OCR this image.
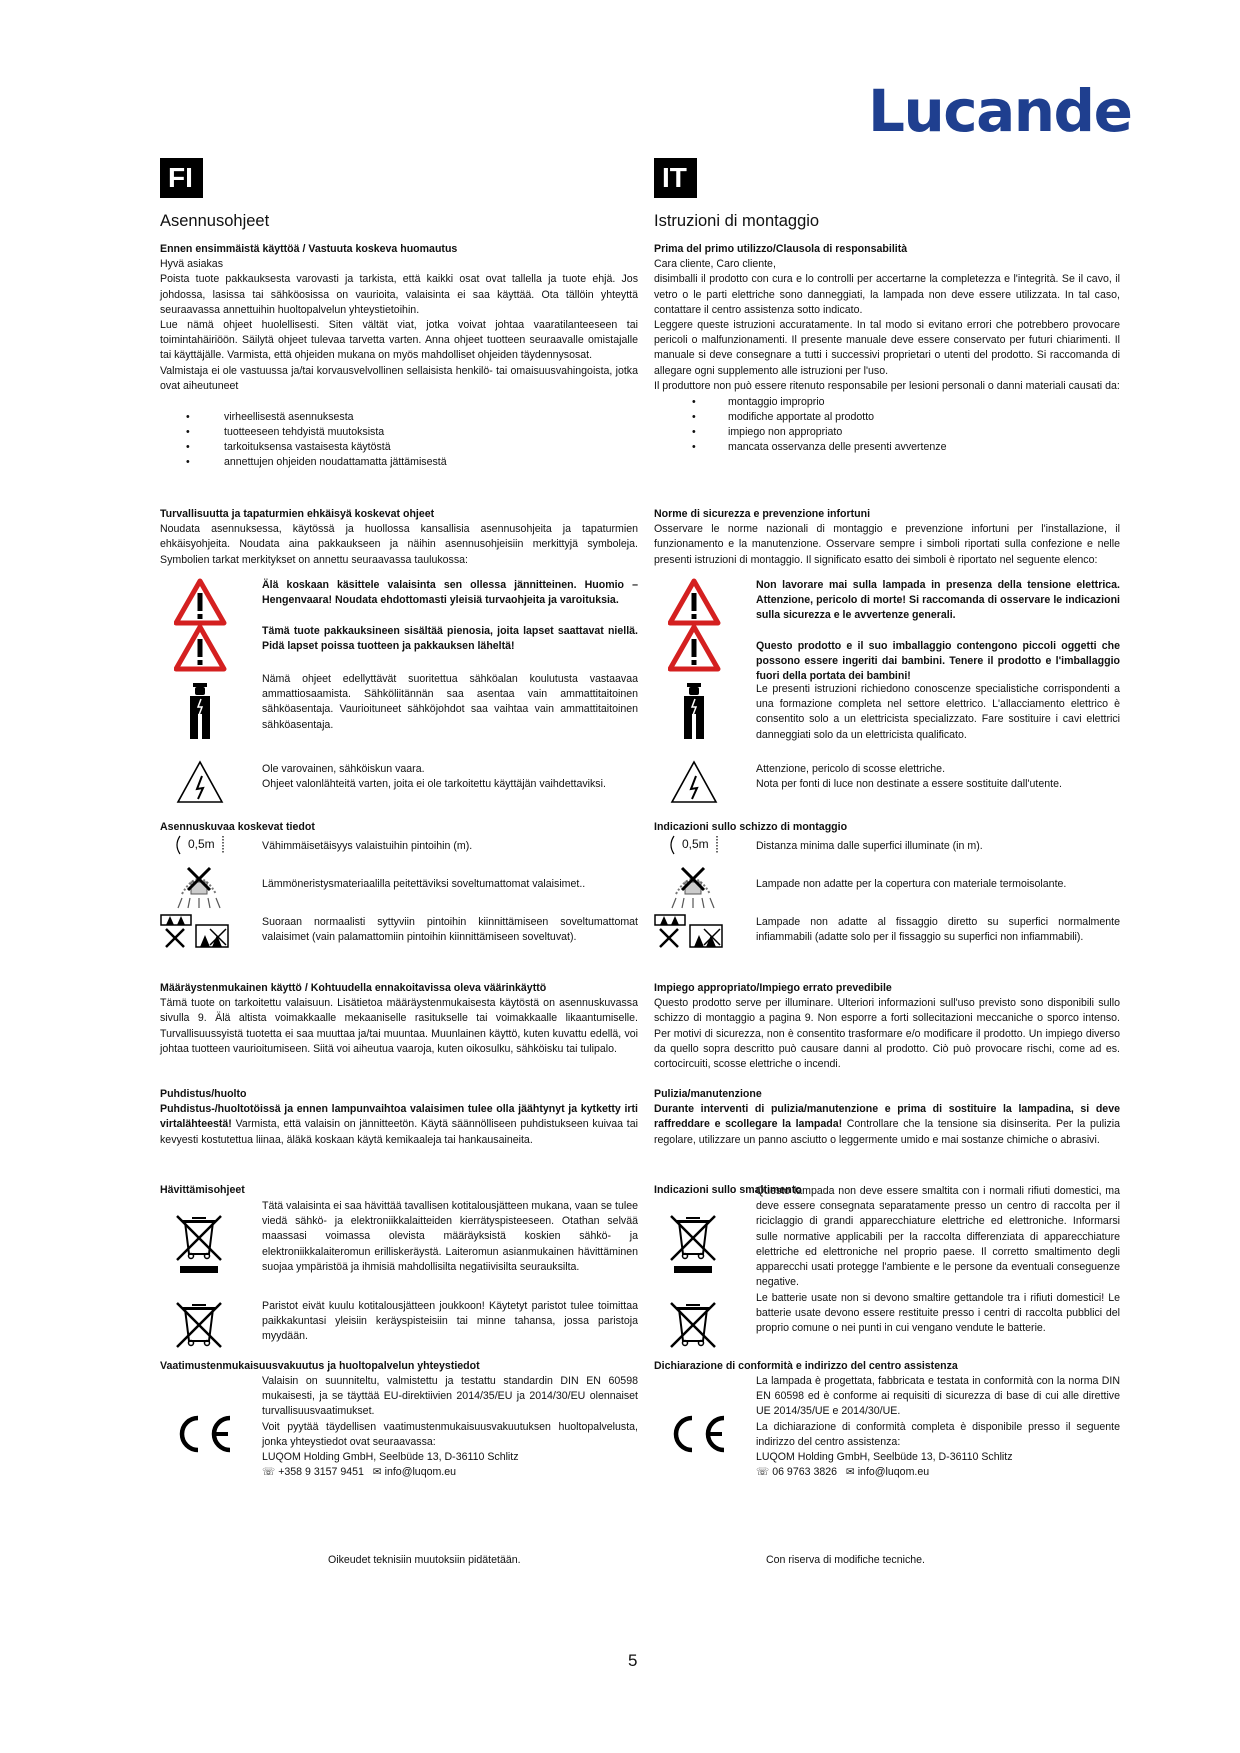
Lucande
FI
Asennusohjeet

Ennen ensimmäistä käyttöä / Vastuuta koskeva huomautus

Hyvä asiakas

Poista tuote pakkauksesta varovasti ja tarkista, että kaikki osat ovat tallella ja tuote ehjä. Jos johdossa, lasissa tai sähköosissa on vaurioita, valaisinta ei saa käyttää. Ota tällöin yhteyttä seuraavassa annettuihin huoltopalvelun yhteystietoihin.

Lue nämä ohjeet huolellisesti. Siten vältät viat, jotka voivat johtaa vaaratilanteeseen tai toimintahäiriöön. Säilytä ohjeet tulevaa tarvetta varten. Anna ohjeet tuotteen seuraavalle omistajalle tai käyttäjälle. Varmista, että ohjeiden mukana on myös mahdolliset ohjeiden täydennysosat.

Valmistaja ei ole vastuussa ja/tai korvausvelvollinen sellaisista henkilö- tai omaisuusvahingoista, jotka ovat aiheutuneet

• virheellisestä asennuksesta
• tuotteeseen tehdyistä muutoksista
• tarkoituksensa vastaisesta käytöstä
• annettujen ohjeiden noudattamatta jättämisestä

Turvallisuutta ja tapaturmien ehkäisyä koskevat ohjeet

Noudata asennuksessa, käytössä ja huollossa kansallisia asennusohjeita ja tapaturmien ehkäisyohjeita. Noudata aina pakkaukseen ja näihin asennusohjeisiin merkittyjä symboleja. Symbolien tarkat merkitykset on annettu seuraavassa taulukossa:

Älä koskaan käsittele valaisinta sen ollessa jännitteinen. Huomio – Hengenvaara! Noudata ehdottomasti yleisiä turvaohjeita ja varoituksia.

Tämä tuote pakkauksineen sisältää pienosia, joita lapset saattavat niellä. Pidä lapset poissa tuotteen ja pakkauksen läheltä!

Nämä ohjeet edellyttävät suoritettua sähköalan koulutusta vastaavaa ammattiosaamista. Sähköliitännän saa asentaa vain ammattitaitoinen sähköasentaja. Vaurioituneet sähköjohdot saa vaihtaa vain ammattitaitoinen sähköasentaja.

Ole varovainen, sähköiskun vaara.

Ohjeet valonlähteitä varten, joita ei ole tarkoitettu käyttäjän vaihdettaviksi.

Asennuskuvaa koskevat tiedot

0,5m	Vähimmäisetäisyys valaistuihin pintoihin (m).

Lämmöneristysmateriaalilla peitettäviksi soveltumattomat valaisimet..

Suoraan normaalisti syttyviin pintoihin kiinnittämiseen soveltumattomat valaisimet (vain palamattomiin pintoihin kiinnittämiseen soveltuvat).

Määräystenmukainen käyttö / Kohtuudella ennakoitavissa oleva väärinkäyttö

Tämä tuote on tarkoitettu valaisuun. Lisätietoa määräystenmukaisesta käytöstä on asennuskuvassa sivulla 9. Älä altista voimakkaalle mekaaniselle rasitukselle tai voimakkaalle likaantumiselle. Turvallisuussyistä tuotetta ei saa muuttaa ja/tai muuntaa. Muunlainen käyttö, kuten kuvattu edellä, voi johtaa tuotteen vaurioitumiseen. Siitä voi aiheutua vaaroja, kuten oikosulku, sähköisku tai tulipalo.

Puhdistus/huolto

Puhdistus-/huoltotöissä ja ennen lampunvaihtoa valaisimen tulee olla jäähtynyt ja kytketty irti virtalähteestä! Varmista, että valaisin on jännitteetön. Käytä säännölliseen puhdistukseen kuivaa tai kevyesti kostutettua liinaa, äläkä koskaan käytä kemikaaleja tai hankausaineita.

Hävittämisohjeet

Tätä valaisinta ei saa hävittää tavallisen kotitalousjätteen mukana, vaan se tulee viedä sähkö- ja elektroniikkalaitteiden kierrätyspisteeseen. Otathan selvää maassasi voimassa olevista määräyksistä koskien sähkö- ja elektroniikkalaiteromun erilliskeräystä. Laiteromun asianmukainen hävittäminen suojaa ympäristöä ja ihmisiä mahdollisilta negatiivisilta seurauksilta.

Paristot eivät kuulu kotitalousjätteen joukkoon! Käytetyt paristot tulee toimittaa paikkakuntasi yleisiin keräyspisteisiin tai minne tahansa, jossa paristoja myydään.

Vaatimustenmukaisuusvakuutus ja huoltopalvelun yhteystiedot

Valaisin on suunniteltu, valmistettu ja testattu standardin DIN EN 60598 mukaisesti, ja se täyttää EU-direktiivien 2014/35/EU ja 2014/30/EU olennaiset turvallisuusvaatimukset.

Voit pyytää täydellisen vaatimustenmukaisuusvakuutuksen huoltopalvelusta, jonka yhteystiedot ovat seuraavassa:

LUQOM Holding GmbH, Seelbüde 13, D-36110 Schlitz

☏ +358 9 3157 9451 ✉ info@luqom.eu

IT
Istruzioni di montaggio

Prima del primo utilizzo/Clausola di responsabilità

Cara cliente, Caro cliente,

disimballi il prodotto con cura e lo controlli per accertarne la completezza e l'integrità. Se il cavo, il vetro o le parti elettriche sono danneggiati, la lampada non deve essere utilizzata. In tal caso, contattare il centro assistenza sotto indicato.

Leggere queste istruzioni accuratamente. In tal modo si evitano errori che potrebbero provocare pericoli o malfunzionamenti. Il presente manuale deve essere conservato per futuri chiarimenti. Il manuale si deve consegnare a tutti i successivi proprietari o utenti del prodotto. Si raccomanda di allegare ogni supplemento alle istruzioni per l'uso.

Il produttore non può essere ritenuto responsabile per lesioni personali o danni materiali causati da:

• montaggio improprio
• modifiche apportate al prodotto
• impiego non appropriato
• mancata osservanza delle presenti avvertenze

Norme di sicurezza e prevenzione infortuni

Osservare le norme nazionali di montaggio e prevenzione infortuni per l'installazione, il funzionamento e la manutenzione. Osservare sempre i simboli riportati sulla confezione e nelle presenti istruzioni di montaggio. Il significato esatto dei simboli è riportato nel seguente elenco:

Non lavorare mai sulla lampada in presenza della tensione elettrica. Attenzione, pericolo di morte! Si raccomanda di osservare le indicazioni sulla sicurezza e le avvertenze generali.

Questo prodotto e il suo imballaggio contengono piccoli oggetti che possono essere ingeriti dai bambini. Tenere il prodotto e l'imballaggio fuori della portata dei bambini!

Le presenti istruzioni richiedono conoscenze specialistiche corrispondenti a una formazione completa nel settore elettrico. L'allacciamento elettrico è consentito solo a un elettricista specializzato. Fare sostituire i cavi elettrici danneggiati solo da un elettricista qualificato.

Attenzione, pericolo di scosse elettriche.

Nota per fonti di luce non destinate a essere sostituite dall'utente.

Indicazioni sullo schizzo di montaggio

0,5m	Distanza minima dalle superfici illuminate (in m).

Lampade non adatte per la copertura con materiale termoisolante.

Lampade non adatte al fissaggio diretto su superfici normalmente infiammabili (adatte solo per il fissaggio su superfici non infiammabili).

Impiego appropriato/Impiego errato prevedibile

Questo prodotto serve per illuminare. Ulteriori informazioni sull'uso previsto sono disponibili sullo schizzo di montaggio a pagina 9. Non esporre a forti sollecitazioni meccaniche o sporco intenso. Per motivi di sicurezza, non è consentito trasformare e/o modificare il prodotto. Un impiego diverso da quello sopra descritto può causare danni al prodotto. Ciò può provocare rischi, come ad es. cortocircuiti, scosse elettriche o incendi.

Pulizia/manutenzione

Durante interventi di pulizia/manutenzione e prima di sostituire la lampadina, si deve raffreddare e scollegare la lampada! Controllare che la tensione sia disinserita. Per la pulizia regolare, utilizzare un panno asciutto o leggermente umido e mai sostanze chimiche o abrasivi.

Indicazioni sullo smaltimento

Questo lampada non deve essere smaltita con i normali rifiuti domestici, ma deve essere consegnata separatamente presso un centro di raccolta per il riciclaggio di grandi apparecchiature elettriche ed elettroniche. Informarsi sulle normative applicabili per la raccolta differenziata di apparecchiature elettriche ed elettroniche nel proprio paese. Il corretto smaltimento degli apparecchi usati protegge l'ambiente e le persone da eventuali conseguenze negative.

Le batterie usate non si devono smaltire gettandole tra i rifiuti domestici! Le batterie usate devono essere restituite presso i centri di raccolta pubblici del proprio comune o nei punti in cui vengano vendute le batterie.

Dichiarazione di conformità e indirizzo del centro assistenza

La lampada è progettata, fabbricata e testata in conformità con la norma DIN EN 60598 ed è conforme ai requisiti di sicurezza di base di cui alle direttive UE 2014/35/UE e 2014/30/UE.

La dichiarazione di conformità completa è disponibile presso il seguente indirizzo del centro assistenza:

LUQOM Holding GmbH, Seelbüde 13, D-36110 Schlitz

☏ 06 9763 3826 ✉ info@luqom.eu

Oikeudet teknisiin muutoksiin pidätetään.	Con riserva di modifiche tecniche.
5
